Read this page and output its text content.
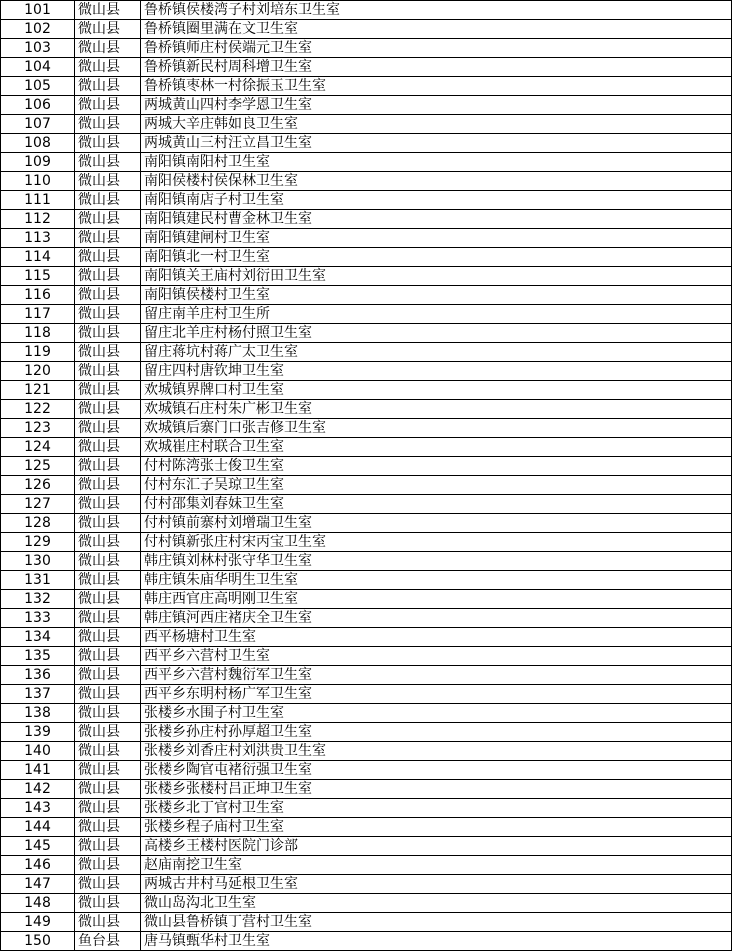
101	微山县	鲁桥镇侯楼湾子村刘培东卫生室
102	微山县	鲁桥镇圈里满在文卫生室
103	微山县	鲁桥镇师庄村侯端元卫生室
104	微山县	鲁桥镇新民村周科增卫生室
105	微山县	鲁桥镇枣林一村徐振玉卫生室
106	微山县	两城黄山四村李学恩卫生室
107	微山县	两城大辛庄韩如良卫生室
108	微山县	两城黄山三村汪立昌卫生室
109	微山县	南阳镇南阳村卫生室
110	微山县	南阳侯楼村侯保林卫生室
111	微山县	南阳镇南店子村卫生室
112	微山县	南阳镇建民村曹金林卫生室
113	微山县	南阳镇建闸村卫生室
114	微山县	南阳镇北一村卫生室
115	微山县	南阳镇关王庙村刘衍田卫生室
116	微山县	南阳镇侯楼村卫生室
117	微山县	留庄南羊庄村卫生所
118	微山县	留庄北羊庄村杨付照卫生室
119	微山县	留庄蒋坑村蒋广太卫生室
120	微山县	留庄四村唐钦坤卫生室
121	微山县	欢城镇界牌口村卫生室
122	微山县	欢城镇石庄村朱广彬卫生室
123	微山县	欢城镇后寨门口张吉修卫生室
124	微山县	欢城崔庄村联合卫生室
125	微山县	付村陈湾张士俊卫生室
126	微山县	付村东汇子吴琼卫生室
127	微山县	付村邵集刘春妹卫生室
128	微山县	付村镇前寨村刘增瑞卫生室
129	微山县	付村镇新张庄村宋丙宝卫生室
130	微山县	韩庄镇刘林村张守华卫生室
131	微山县	韩庄镇朱庙华明生卫生室
132	微山县	韩庄西官庄高明刚卫生室
133	微山县	韩庄镇河西庄褚庆全卫生室
134	微山县	西平杨塘村卫生室
135	微山县	西平乡六营村卫生室
136	微山县	西平乡六营村魏衍军卫生室
137	微山县	西平乡东明村杨广军卫生室
138	微山县	张楼乡水围子村卫生室
139	微山县	张楼乡孙庄村孙厚超卫生室
140	微山县	张楼乡刘香庄村刘洪贵卫生室
141	微山县	张楼乡陶官屯褚衍强卫生室
142	微山县	张楼乡张楼村吕正坤卫生室
143	微山县	张楼乡北丁官村卫生室
144	微山县	张楼乡程子庙村卫生室
145	微山县	高楼乡王楼村医院门诊部
146	微山县	赵庙南挖卫生室
147	微山县	两城古井村马延根卫生室
148	微山县	微山岛沟北卫生室
149	微山县	微山县鲁桥镇丁营村卫生室
150	鱼台县	唐马镇甄华村卫生室
